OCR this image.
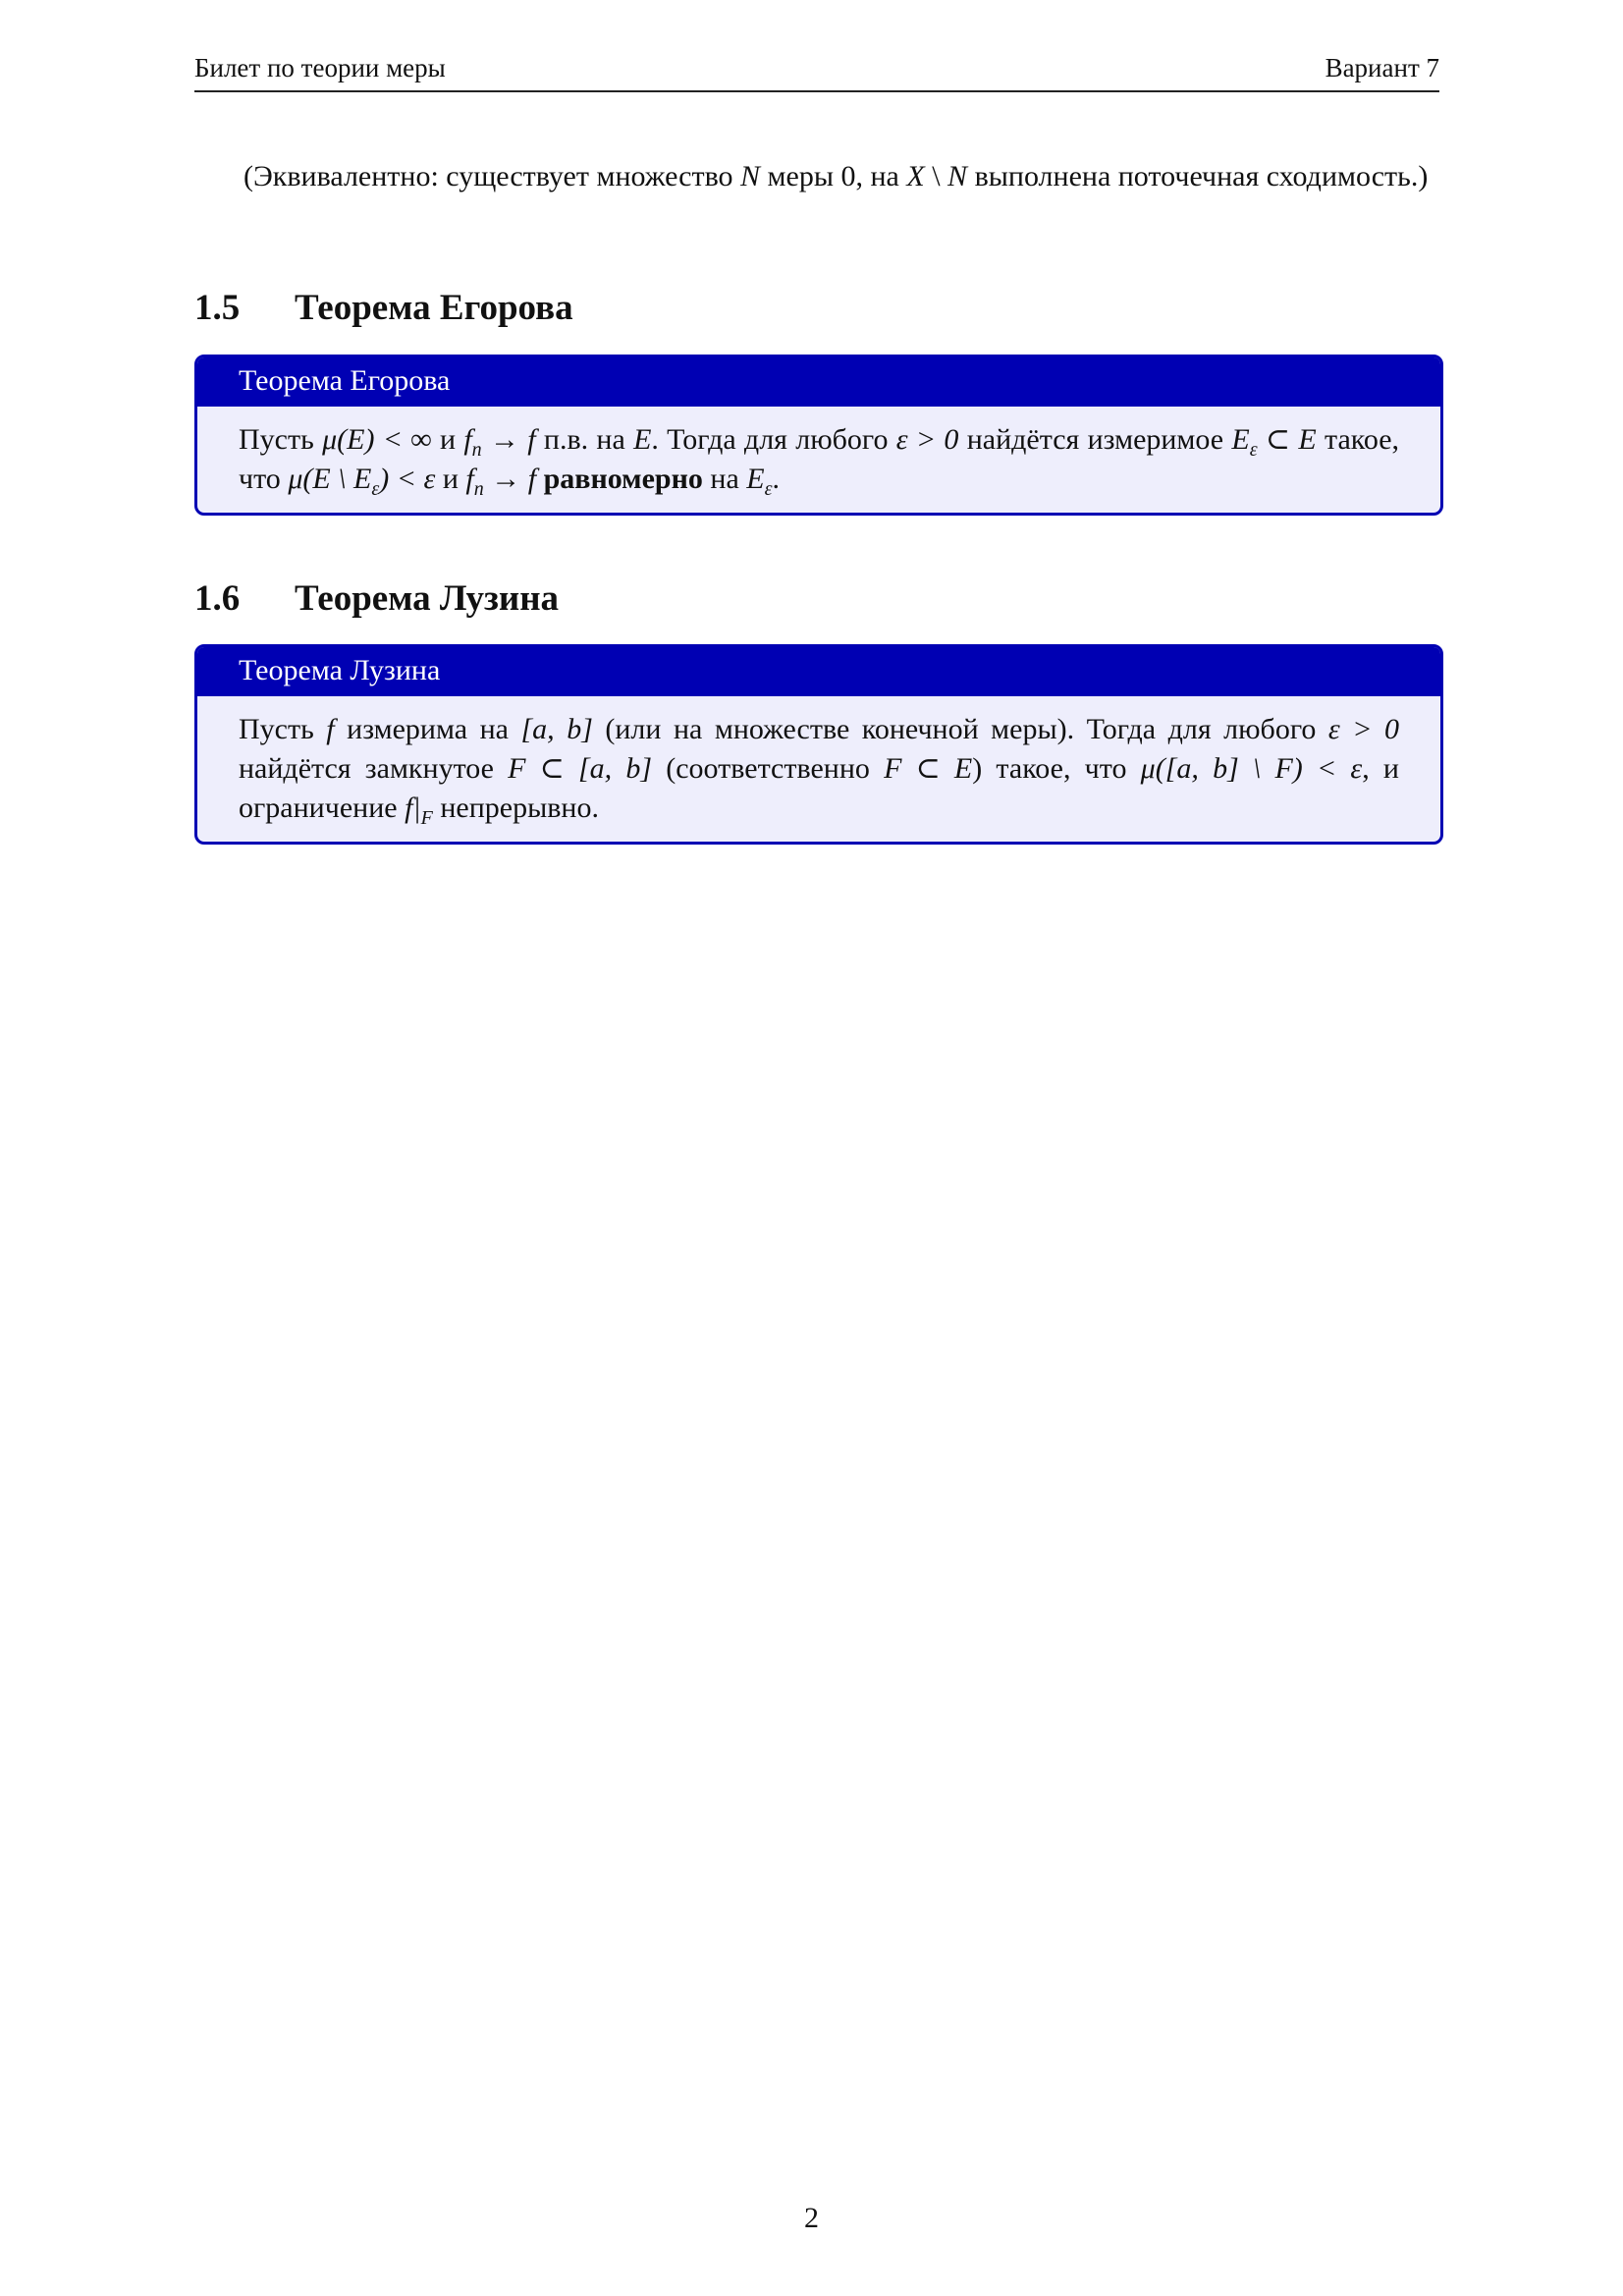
Билет по теории меры	Вариант 7
(Эквивалентно: существует множество N меры 0, на X \ N выполнена поточечная сходимость.)
1.5 Теорема Егорова
Теорема Егорова
Пусть μ(E) < ∞ и $f_n \to f$ п.в. на E. Тогда для любого ε > 0 найдётся измеримое $E_\varepsilon$ ⊂ E такое, что μ(E \ $E_\varepsilon) < \varepsilon$ и $f_n \to f$ равномерно на $E_\varepsilon$.
1.6 Теорема Лузина
Теорема Лузина
Пусть f измерима на [a, b] (или на множестве конечной меры). Тогда для любого ε > 0 найдётся замкнутое F ⊂ [a, b] (соответственно F ⊂ E) такое, что μ([a, b] \ F) < ε, и ограничение $f|_F$ непрерывно.
2
